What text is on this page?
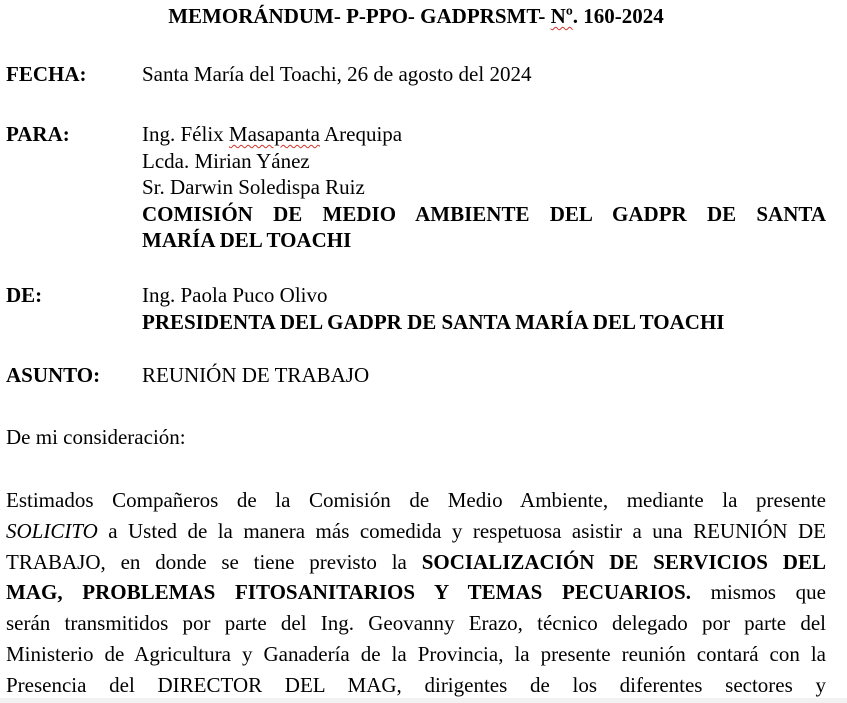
MEMORÁNDUM- P-PPO- GADPRSMT- Nº. 160-2024
FECHA:	Santa María del Toachi, 26 de agosto del 2024
PARA:	Ing. Félix Masapanta Arequipa
Lcda. Mirian Yánez
Sr. Darwin Soledispa Ruiz
COMISIÓN DE MEDIO AMBIENTE DEL GADPR DE SANTA
MARÍA DEL TOACHI
DE:	Ing. Paola Puco Olivo
PRESIDENTA DEL GADPR DE SANTA MARÍA DEL TOACHI
ASUNTO: REUNIÓN DE TRABAJO
De mi consideración:
Estimados Compañeros de la Comisión de Medio Ambiente, mediante la presente
SOLICITO a Usted de la manera más comedida y respetuosa asistir a una REUNIÓN DE
TRABAJO, en donde se tiene previsto la SOCIALIZACIÓN DE SERVICIOS DEL
MAG, PROBLEMAS FITOSANITARIOS Y TEMAS PECUARIOS. mismos que
serán transmitidos por parte del Ing. Geovanny Erazo, técnico delegado por parte del
Ministerio de Agricultura y Ganadería de la Provincia, la presente reunión contará con la
Presencia del DIRECTOR DEL MAG, dirigentes de los diferentes sectores y
